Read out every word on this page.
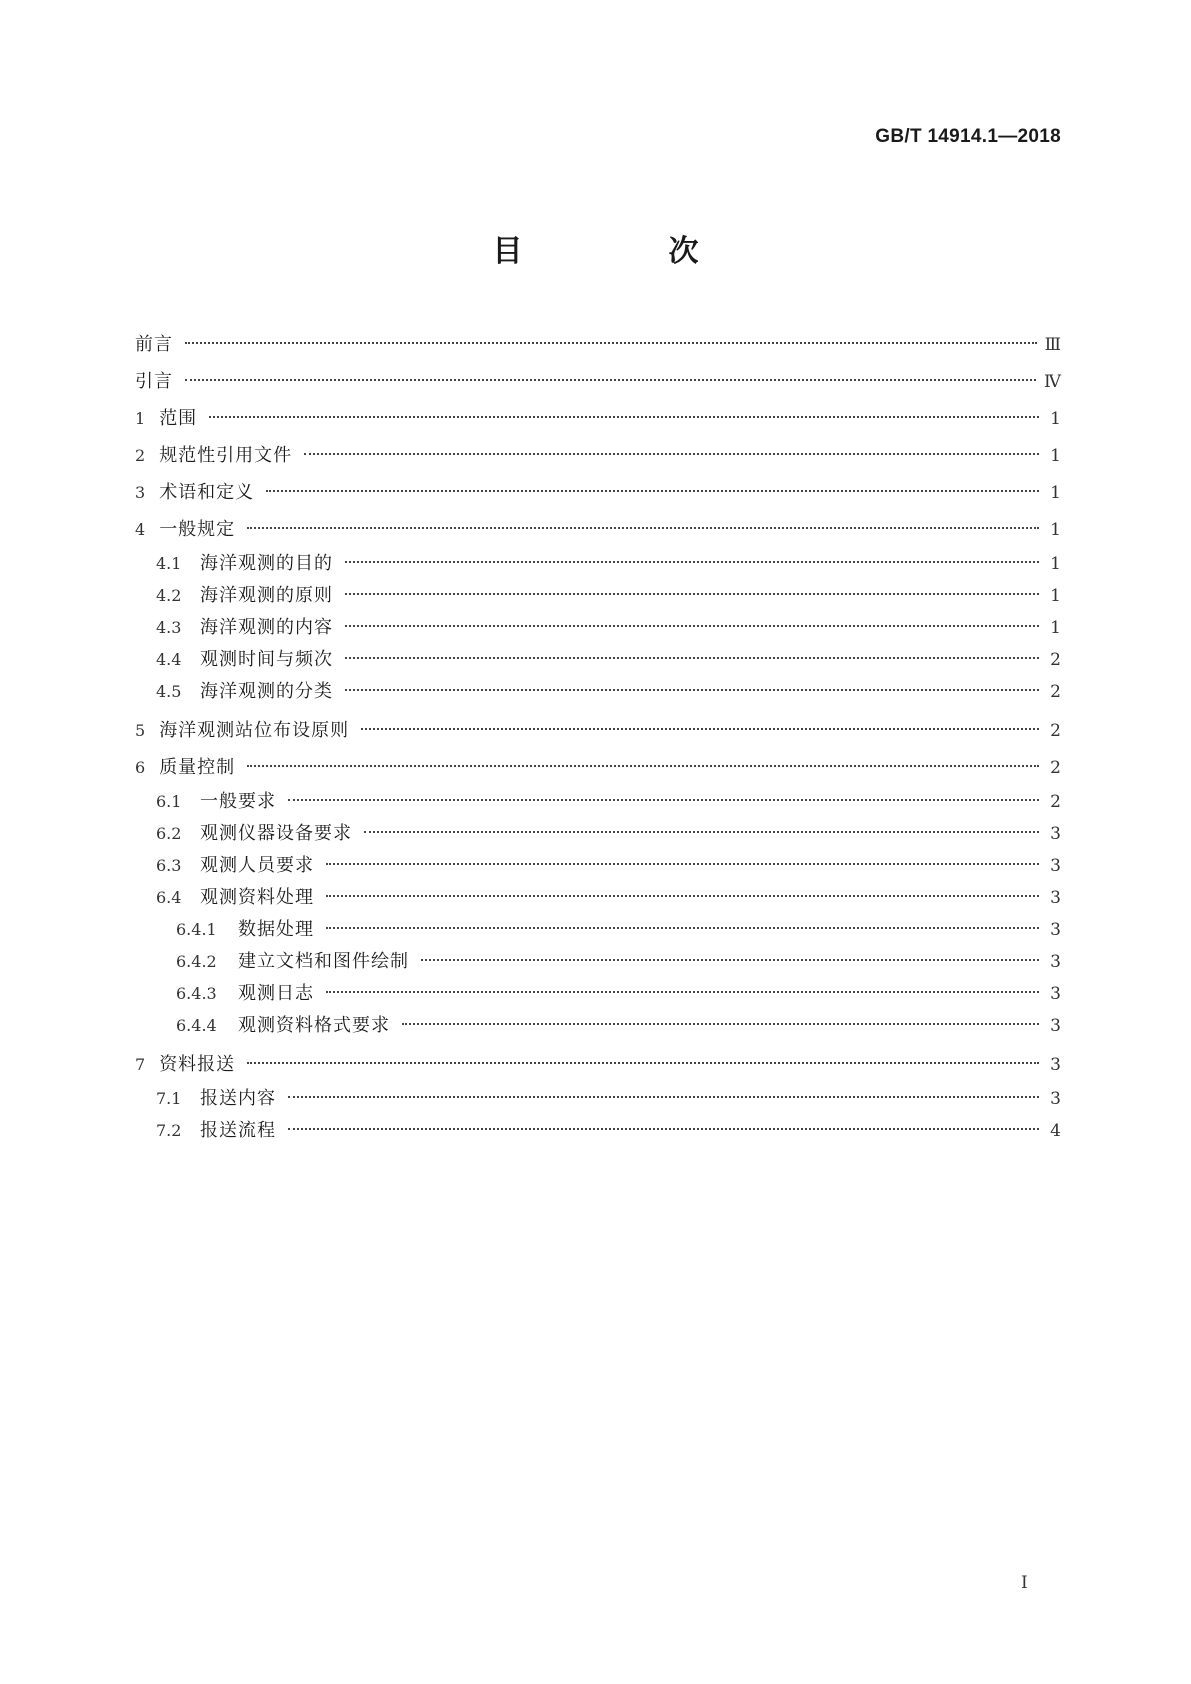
GB/T 14914.1—2018

目　次
前言	Ⅲ
引言	Ⅳ
1 范围	1
2 规范性引用文件	1
3 术语和定义	1
4 一般规定	1
4.1	海洋观测的目的	1
4.2	海洋观测的原则	1
4.3	海洋观测的内容	1
4.4	观测时间与频次	2
4.5	海洋观测的分类	2
5 海洋观测站位布设原则	2
6 质量控制	2
6.1	一般要求	2
6.2	观测仪器设备要求	3
6.3	观测人员要求	3
6.4	观测资料处理	3
6.4.1	数据处理	3
6.4.2	建立文档和图件绘制	3
6.4.3	观测日志	3
6.4.4	观测资料格式要求	3
7 资料报送	3
7.1	报送内容	3
7.2	报送流程	4

I
